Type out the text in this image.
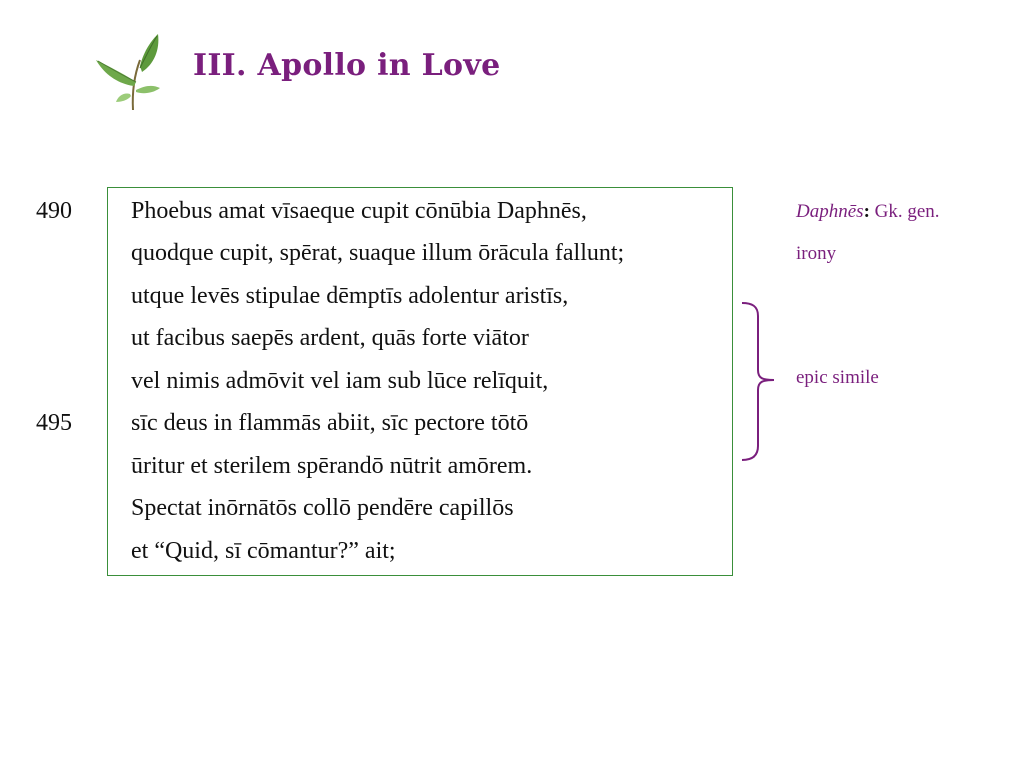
III. Apollo in Love
490
495
Phoebus amat vīsaeque cupit cōnūbia Daphnēs,
quodque cupit, spērat, suaque illum ōrācula fallunt;
utque levēs stipulae dēmptīs adolentur aristīs,
ut facibus saepēs ardent, quās forte viātor
vel nimis admōvit vel iam sub lūce relīquit,
sīc deus in flammās abiit, sīc pectore tōtō
ūritur et sterilem spērandō nūtrit amōrem.
Spectat inōrnātōs collō pendēre capillōs
et “Quid, sī cōmantur?” ait;
Daphnēs: Gk. gen.
irony
epic simile
